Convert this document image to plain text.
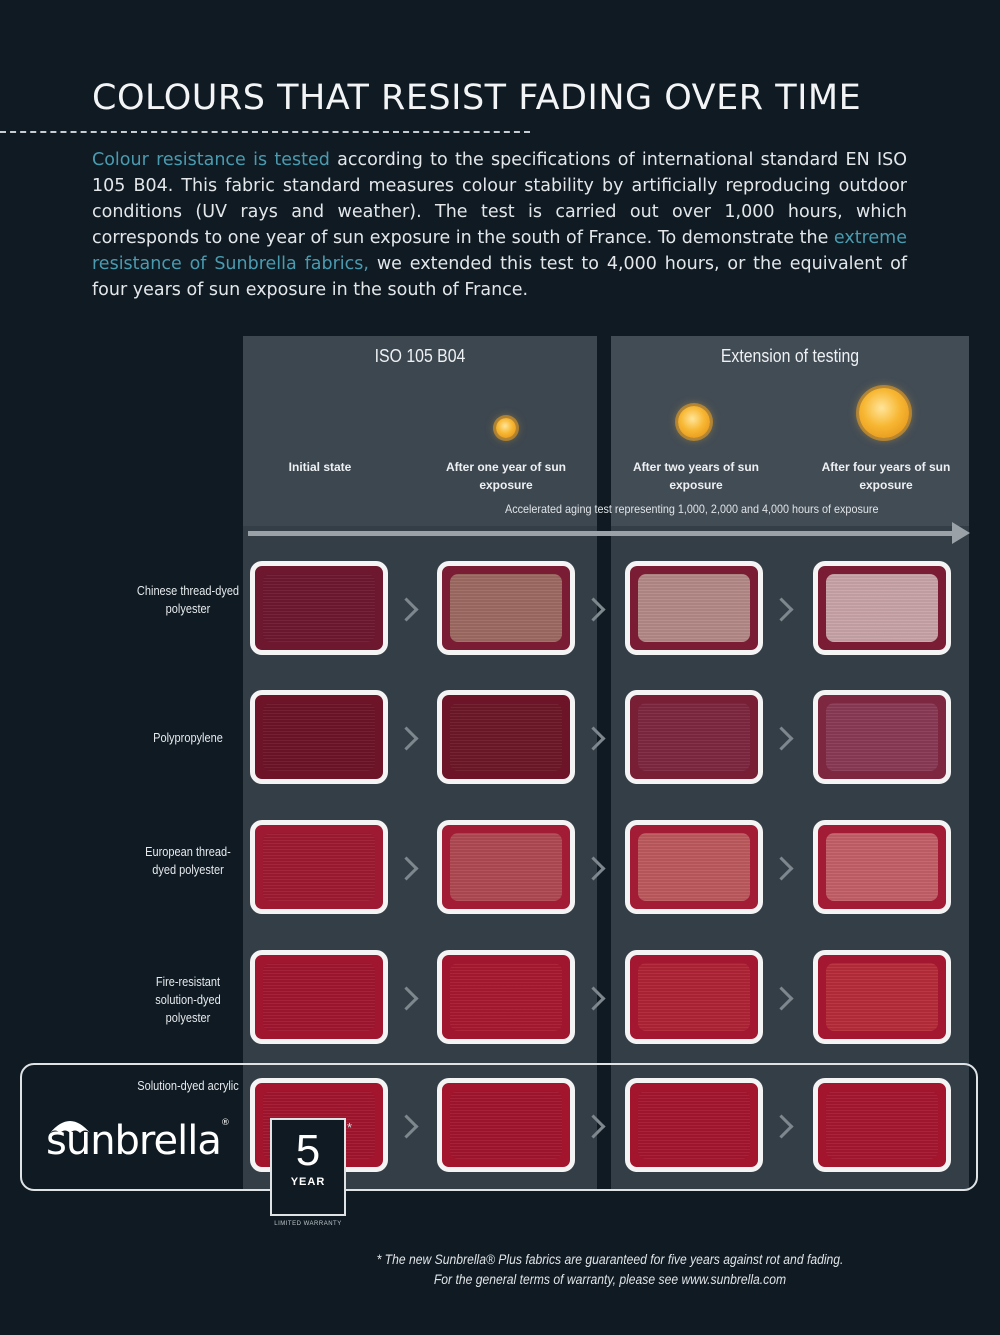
COLOURS THAT RESIST FADING OVER TIME
Colour resistance is tested according to the specifications of international standard EN ISO 105 B04. This fabric standard measures colour stability by artificially reproducing outdoor conditions (UV rays and weather). The test is carried out over 1,000 hours, which corresponds to one year of sun exposure in the south of France. To demonstrate the extreme resistance of Sunbrella fabrics, we extended this test to 4,000 hours, or the equivalent of four years of sun exposure in the south of France.
ISO 105 B04	Extension of testing
Initial state	After one year of sun exposure
After two years of sun exposure
After four years of sun exposure
Accelerated aging test representing 1,000, 2,000 and 4,000 hours of exposure
Chinese thread-dyed polyester
Polypropylene
European thread-dyed polyester
Fire-resistant solution-dyed polyester
Solution-dyed acrylic
sunbrella®
5
YEAR
LIMITED WARRANTY
*
* The new Sunbrella® Plus fabrics are guaranteed for five years against rot and fading.
For the general terms of warranty, please see www.sunbrella.com
